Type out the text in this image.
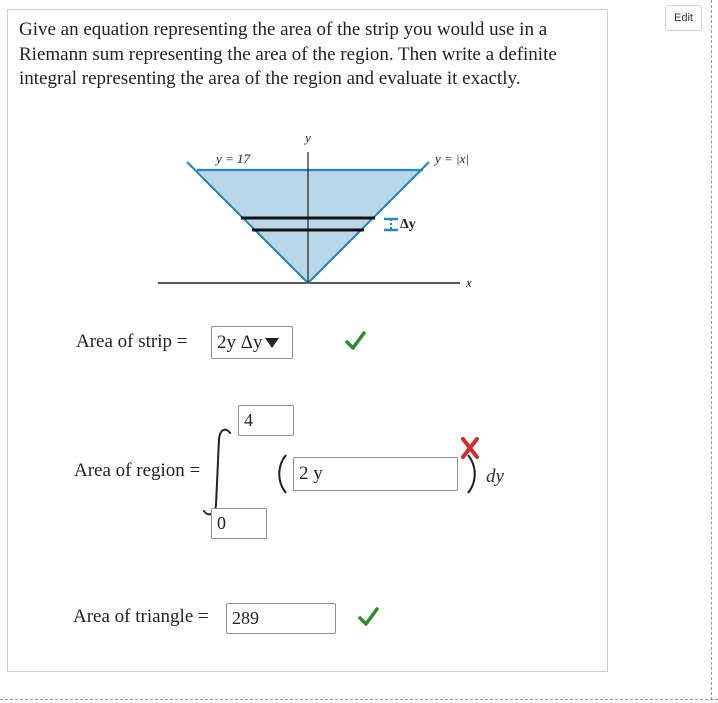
Edit

Give an equation representing the area of the strip you would use in a Riemann sum representing the area of the region. Then write a definite integral representing the area of the region and evaluate it exactly.

y
x
y = 17	y = |x|
Δy
Area of strip = 2y Δy
Area of region =
4
0
2 y	dy
Area of triangle = 289
